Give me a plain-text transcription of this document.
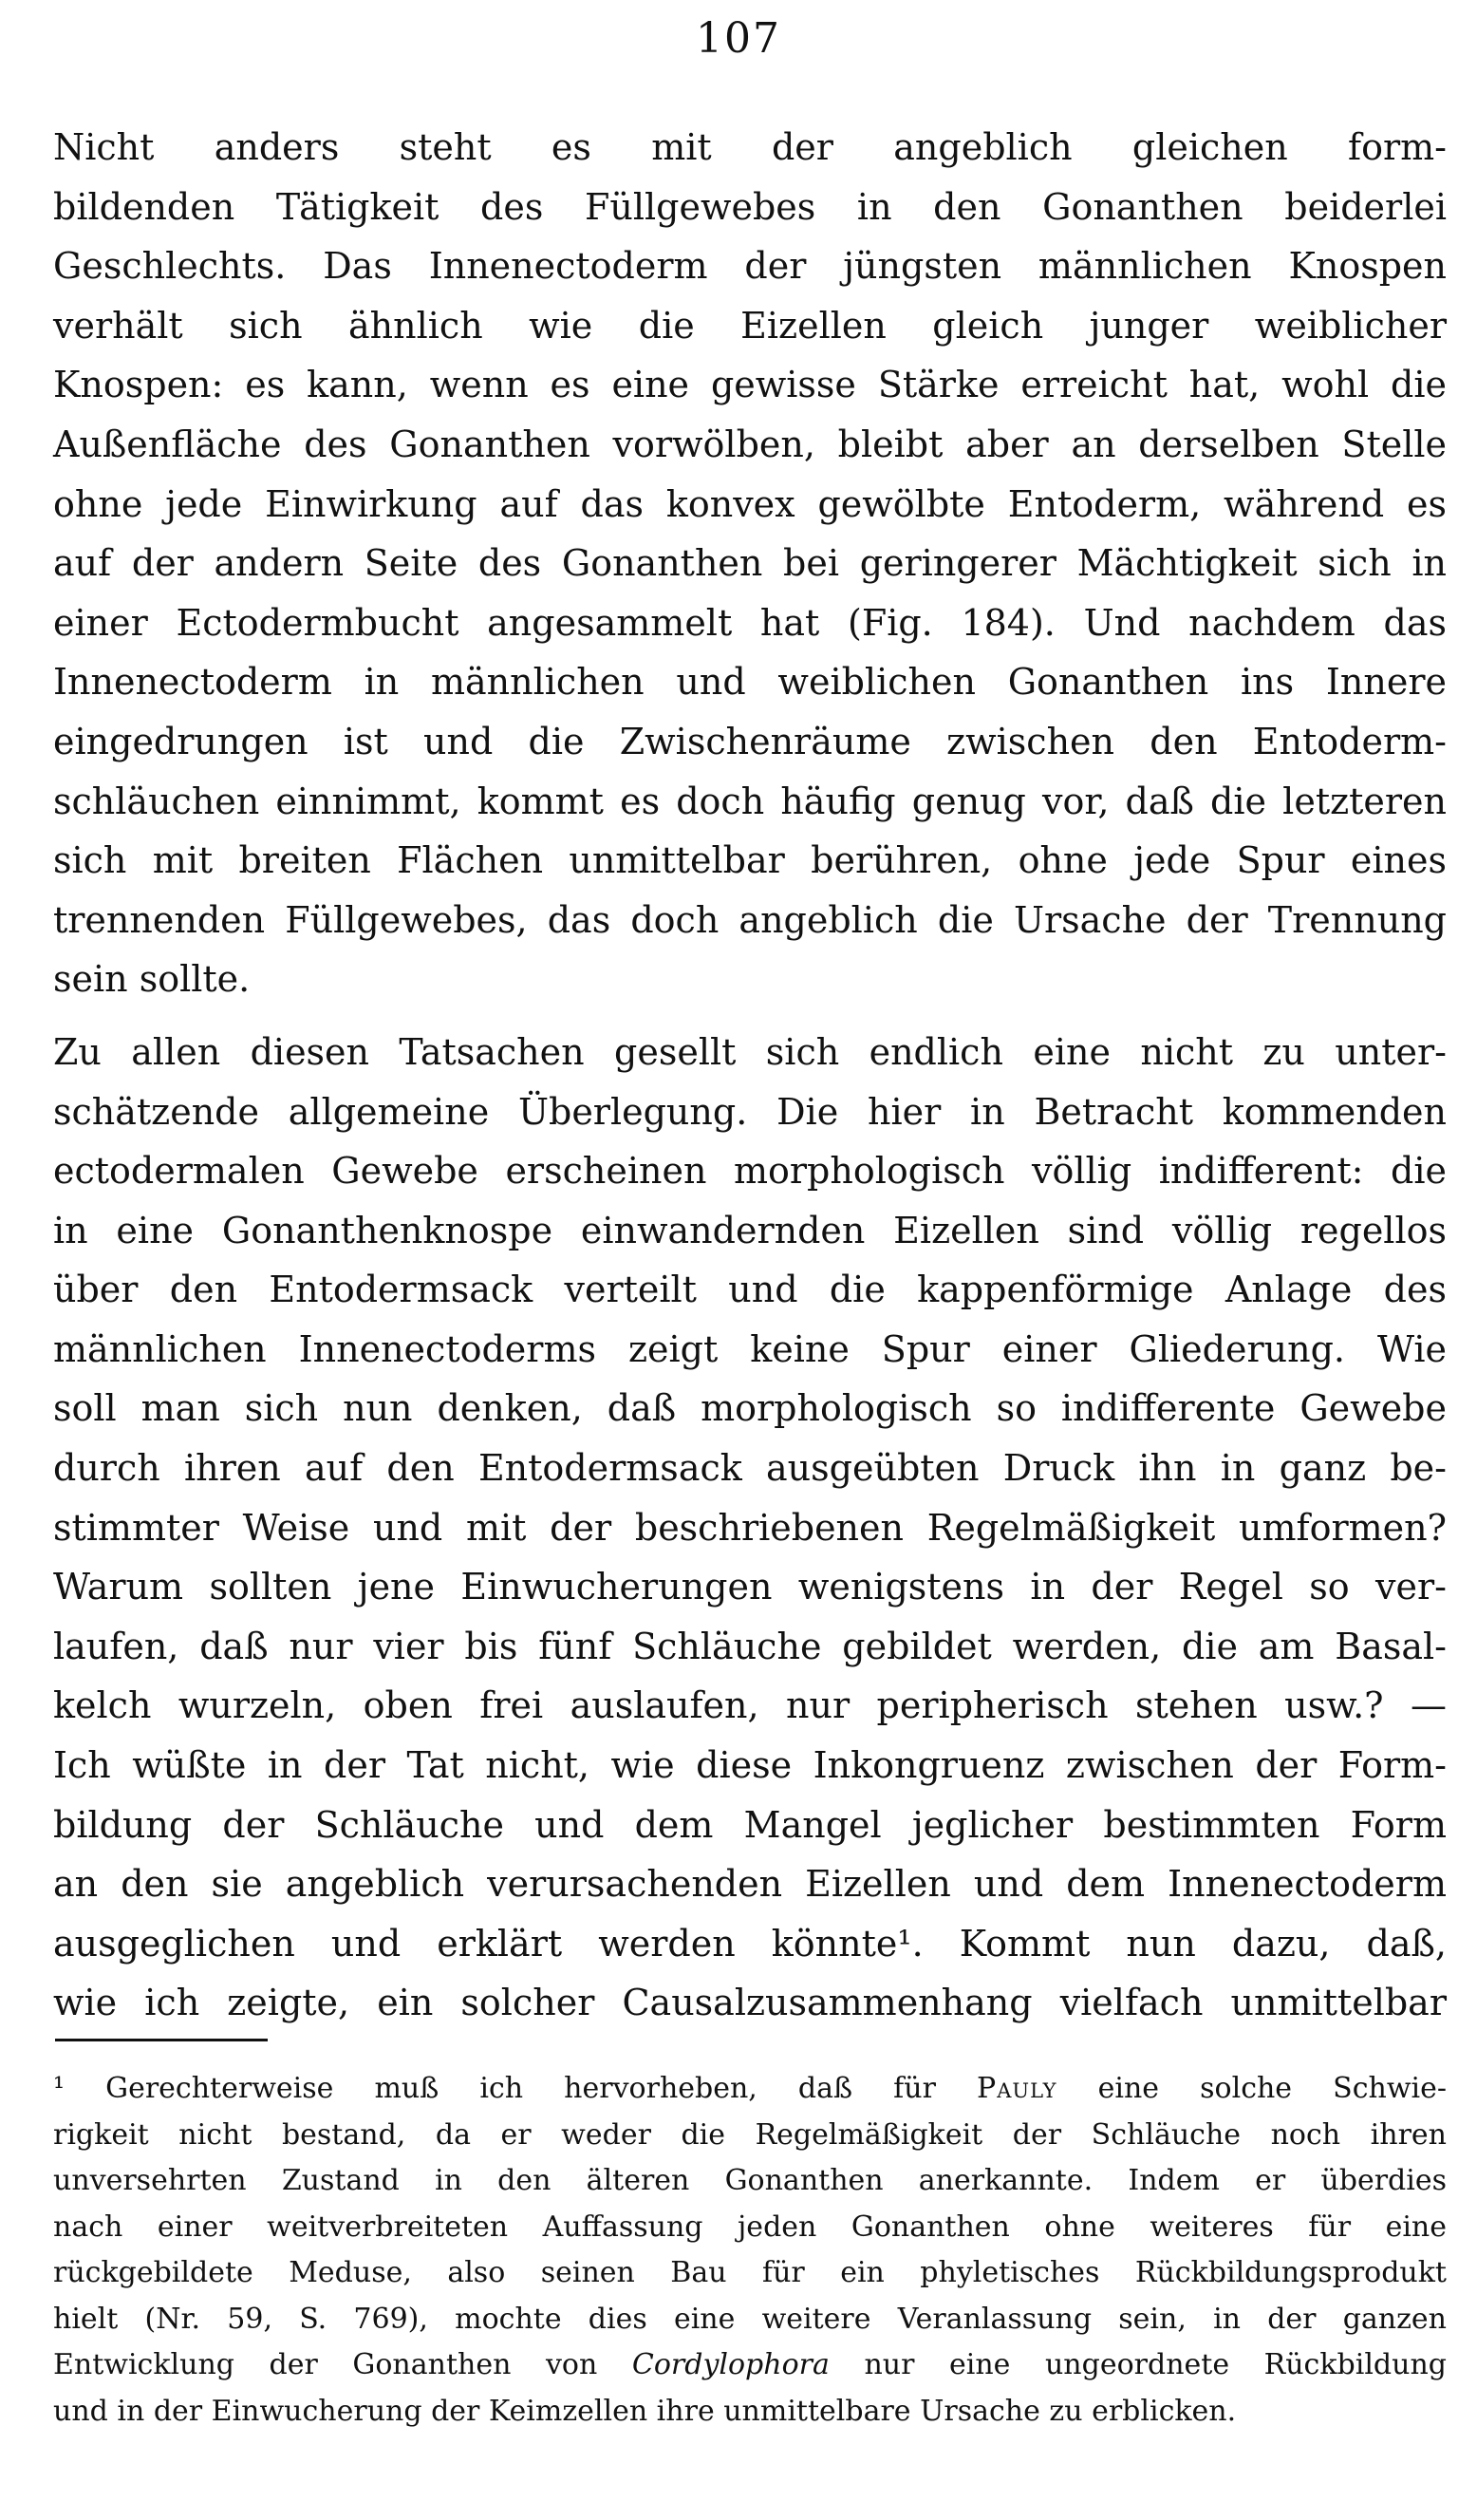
107
Nicht anders steht es mit der angeblich gleichen form-
bildenden Tätigkeit des Füllgewebes in den Gonanthen beiderlei
Geschlechts. Das Innenectoderm der jüngsten männlichen Knospen
verhält sich ähnlich wie die Eizellen gleich junger weiblicher
Knospen: es kann, wenn es eine gewisse Stärke erreicht hat, wohl die
Außenfläche des Gonanthen vorwölben, bleibt aber an derselben Stelle
ohne jede Einwirkung auf das konvex gewölbte Entoderm, während es
auf der andern Seite des Gonanthen bei geringerer Mächtigkeit sich in
einer Ectodermbucht angesammelt hat (Fig. 184). Und nachdem das
Innenectoderm in männlichen und weiblichen Gonanthen ins Innere
eingedrungen ist und die Zwischenräume zwischen den Entoderm-
schläuchen einnimmt, kommt es doch häufig genug vor, daß die letzteren
sich mit breiten Flächen unmittelbar berühren, ohne jede Spur eines
trennenden Füllgewebes, das doch angeblich die Ursache der Trennung
sein sollte.
Zu allen diesen Tatsachen gesellt sich endlich eine nicht zu unter-
schätzende allgemeine Überlegung. Die hier in Betracht kommenden
ectodermalen Gewebe erscheinen morphologisch völlig indifferent: die
in eine Gonanthenknospe einwandernden Eizellen sind völlig regellos
über den Entodermsack verteilt und die kappenförmige Anlage des
männlichen Innenectoderms zeigt keine Spur einer Gliederung. Wie
soll man sich nun denken, daß morphologisch so indifferente Gewebe
durch ihren auf den Entodermsack ausgeübten Druck ihn in ganz be-
stimmter Weise und mit der beschriebenen Regelmäßigkeit umformen?
Warum sollten jene Einwucherungen wenigstens in der Regel so ver-
laufen, daß nur vier bis fünf Schläuche gebildet werden, die am Basal-
kelch wurzeln, oben frei auslaufen, nur peripherisch stehen usw.? —
Ich wüßte in der Tat nicht, wie diese Inkongruenz zwischen der Form-
bildung der Schläuche und dem Mangel jeglicher bestimmten Form
an den sie angeblich verursachenden Eizellen und dem Innenectoderm
ausgeglichen und erklärt werden könnte¹. Kommt nun dazu, daß,
wie ich zeigte, ein solcher Causalzusammenhang vielfach unmittelbar
¹ Gerechterweise muß ich hervorheben, daß für Pauly eine solche Schwie-
rigkeit nicht bestand, da er weder die Regelmäßigkeit der Schläuche noch ihren
unversehrten Zustand in den älteren Gonanthen anerkannte. Indem er überdies
nach einer weitverbreiteten Auffassung jeden Gonanthen ohne weiteres für eine
rückgebildete Meduse, also seinen Bau für ein phyletisches Rückbildungsprodukt
hielt (Nr. 59, S. 769), mochte dies eine weitere Veranlassung sein, in der ganzen
Entwicklung der Gonanthen von Cordylophora nur eine ungeordnete Rückbildung
und in der Einwucherung der Keimzellen ihre unmittelbare Ursache zu erblicken.
